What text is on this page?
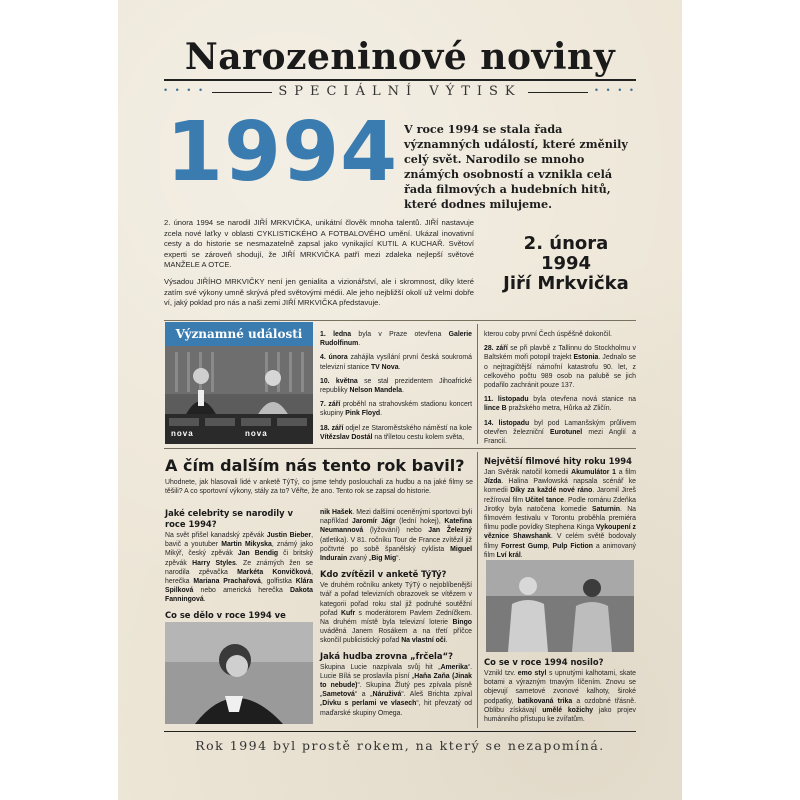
Narozeninové noviny
• • • •	SPECIÁLNÍ VÝTISK	• • • •
1994 V roce 1994 se stala řada významných událostí, které změnily celý svět. Narodilo se mnoho známých osobností a vznikla celá řada filmových a hudebních hitů, které dodnes milujeme.

2. února 1994 se narodil JIŘÍ MRKVIČKA, unikátní člověk mnoha talentů. JIŘÍ nastavuje zcela nové laťky v oblasti CYKLISTICKÉHO A FOTBALOVÉHO umění. Ukázal inovativní cesty a do historie se nesmazatelně zapsal jako vynikající KUTIL A KUCHAŘ. Světoví experti se zároveň shodují, že JIŘÍ MRKVIČKA patří mezi zdaleka nejlepší světové MANŽELE A OTCE.

Výsadou JIŘÍHO MRKVIČKY není jen genialita a vizionářství, ale i skromnost, díky které zatím své výkony umně skrývá před světovými médii. Ale jeho nejbližší okolí už velmi dobře ví, jaký poklad pro nás a naši zemi JIŘÍ MRKVIČKA představuje.

2. února
1994
Jiří Mrkvička
Významné události
nova	nova

1. ledna byla v Praze otevřena Galerie Rudolfinum.

4. února zahájila vysílání první česká soukromá televizní stanice TV Nova.

10. května se stal prezidentem Jihoafrické republiky Nelson Mandela.

7. září proběhl na strahovském stadionu koncert skupiny Pink Floyd.

18. září odjel ze Staroměstského náměstí na kole Vítězslav Dostál na tříletou cestu kolem světa,

kterou coby první Čech úspěšně dokončil.

28. září se při plavbě z Tallinnu do Stockholmu v Baltském moři potopil trajekt Estonia. Jednalo se o nejtragičtější námořní katastrofu 90. let, z celkového počtu 989 osob na palubě se jich podařilo zachránit pouze 137.

11. listopadu byla otevřena nová stanice na lince B pražského metra, Hůrka až Zličín.

14. listopadu byl pod Lamanšským průlivem otevřen železniční Eurotunel mezi Anglií a Francií.

A čím dalším nás tento rok bavil?
Uhodnete, jak hlasovali lidé v anketě TýTý, co jsme tehdy poslouchali za hudbu a na jaké filmy se těšili? A co sportovní výkony, stály za to? Věřte, že ano. Tento rok se zapsal do historie.
Jaké celebrity se narodily v roce 1994?
Na svět přišel kanadský zpěvák Justin Bieber, bavič a youtuber Martin Mikyska, známý jako Mikýř, český zpěvák Jan Bendig či britský zpěvák Harry Styles. Ze známých žen se narodila zpěvačka Markéta Konvičková, herečka Mariana Prachařová, golfistka Klára Spilková nebo americká herečka Dakota Fanningová.
Co se dělo v roce 1994 ve
nik Hašek. Mezi dalšími oceněnými sportovci byli například Jaromír Jágr (lední hokej), Kateřina Neumannová (lyžování) nebo Jan Železný (atletika). V 81. ročníku Tour de France zvítězil již počtvrté po sobě španělský cyklista Miguel Indurain zvaný „Big Mig“.
Kdo zvítězil v anketě TýTý?
Ve druhém ročníku ankety TýTý o nejoblíbenější tvář a pořad televizních obrazovek se vítězem v kategorii pořad roku stal již podruhé soutěžní pořad Kufr s moderátorem Pavlem Zedníčkem. Na druhém místě byla televizní loterie Bingo uváděná Janem Rosákem a na třetí příčce skončil publicistický pořad Na vlastní oči.
Jaká hudba zrovna „frčela“?
Skupina Lucie nazpívala svůj hit „Amerika“. Lucie Bílá se proslavila písní „Haňa Zaňa (Jinak to nebude)“. Skupina Žlutý pes zpívala písně „Sametová“ a „Náruživá“. Aleš Brichta zpíval „Dívku s perlami ve vlasech“, hit převzatý od maďarské skupiny Omega.
Největší filmové hity roku 1994
Jan Svěrák natočil komedii Akumulátor 1 a film Jízda. Halina Pawlowská napsala scénář ke komedii Díky za každé nové ráno. Jaromil Jireš režíroval film Učitel tance. Podle románu Zdeňka Jirotky byla natočena komedie Saturnin. Na filmovém festivalu v Torontu proběhla premiéra filmu podle povídky Stephena Kinga Vykoupení z věznice Shawshank. V celém světě bodovaly filmy Forrest Gump, Pulp Fiction a animovaný film Lví král.
Co se v roce 1994 nosilo?
Vznikl tzv. emo styl s upnutými kalhotami, skate botami a výrazným tmavým líčením. Znovu se objevují sametové zvonové kalhoty, široké podpatky, batikovaná trika a ozdobné třásně. Oblibu získávají umělé kožichy jako projev humánního přístupu ke zvířatům.
Rok 1994 byl prostě rokem, na který se nezapomíná.
